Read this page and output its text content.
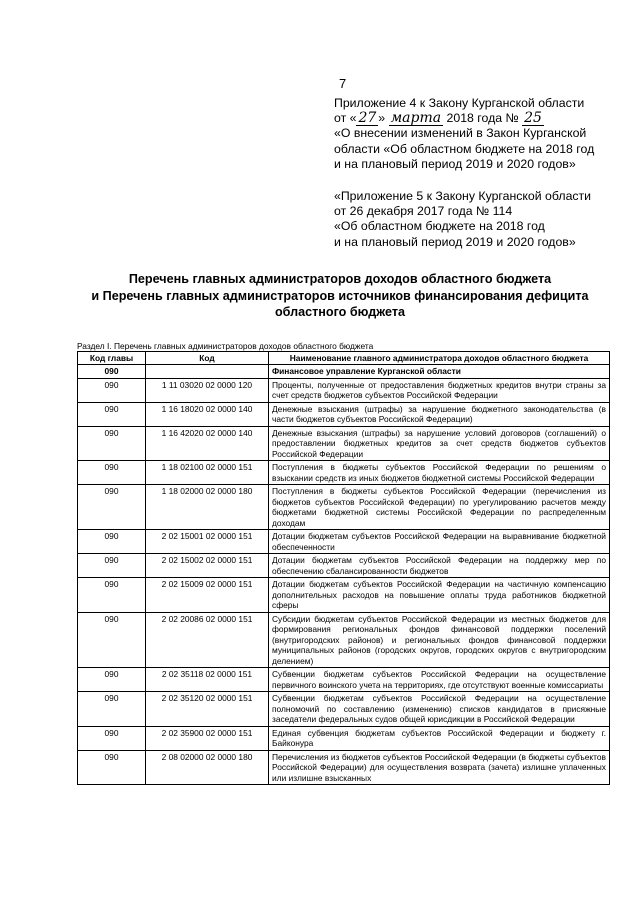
7
Приложение 4 к Закону Курганской области
от « 27 » марта 2018 года № 25
«О внесении изменений в Закон Курганской
области «Об областном бюджете на 2018 год
и на плановый период 2019 и 2020 годов»
«Приложение 5 к Закону Курганской области
от 26 декабря 2017 года № 114
«Об областном бюджете на 2018 год
и на плановый период 2019 и 2020 годов»
Перечень главных администраторов доходов областного бюджета
и Перечень главных администраторов источников финансирования дефицита
областного бюджета
Раздел I. Перечень главных администраторов доходов областного бюджета
Код главы	Код	Наименование главного администратора доходов областного бюджета
090		Финансовое управление Курганской области
090	1 11 03020 02 0000 120	Проценты, полученные от предоставления бюджетных кредитов внутри страны за счет средств бюджетов субъектов Российской Федерации
090	1 16 18020 02 0000 140	Денежные взыскания (штрафы) за нарушение бюджетного законодательства (в части бюджетов субъектов Российской Федерации)
090	1 16 42020 02 0000 140	Денежные взыскания (штрафы) за нарушение условий договоров (соглашений) о предоставлении бюджетных кредитов за счет средств бюджетов субъектов Российской Федерации
090	1 18 02100 02 0000 151	Поступления в бюджеты субъектов Российской Федерации по решениям о взыскании средств из иных бюджетов бюджетной системы Российской Федерации
090	1 18 02000 02 0000 180	Поступления в бюджеты субъектов Российской Федерации (перечисления из бюджетов субъектов Российской Федерации) по урегулированию расчетов между бюджетами бюджетной системы Российской Федерации по распределенным доходам
090	2 02 15001 02 0000 151	Дотации бюджетам субъектов Российской Федерации на выравнивание бюджетной обеспеченности
090	2 02 15002 02 0000 151	Дотации бюджетам субъектов Российской Федерации на поддержку мер по обеспечению сбалансированности бюджетов
090	2 02 15009 02 0000 151	Дотации бюджетам субъектов Российской Федерации на частичную компенсацию дополнительных расходов на повышение оплаты труда работников бюджетной сферы
090	2 02 20086 02 0000 151	Субсидии бюджетам субъектов Российской Федерации из местных бюджетов для формирования региональных фондов финансовой поддержки поселений (внутригородских районов) и региональных фондов финансовой поддержки муниципальных районов (городских округов, городских округов с внутригородским делением)
090	2 02 35118 02 0000 151	Субвенции бюджетам субъектов Российской Федерации на осуществление первичного воинского учета на территориях, где отсутствуют военные комиссариаты
090	2 02 35120 02 0000 151	Субвенции бюджетам субъектов Российской Федерации на осуществление полномочий по составлению (изменению) списков кандидатов в присяжные заседатели федеральных судов общей юрисдикции в Российской Федерации
090	2 02 35900 02 0000 151	Единая субвенция бюджетам субъектов Российской Федерации и бюджету г. Байконура
090	2 08 02000 02 0000 180	Перечисления из бюджетов субъектов Российской Федерации (в бюджеты субъектов Российской Федерации) для осуществления возврата (зачета) излишне уплаченных или излишне взысканных
